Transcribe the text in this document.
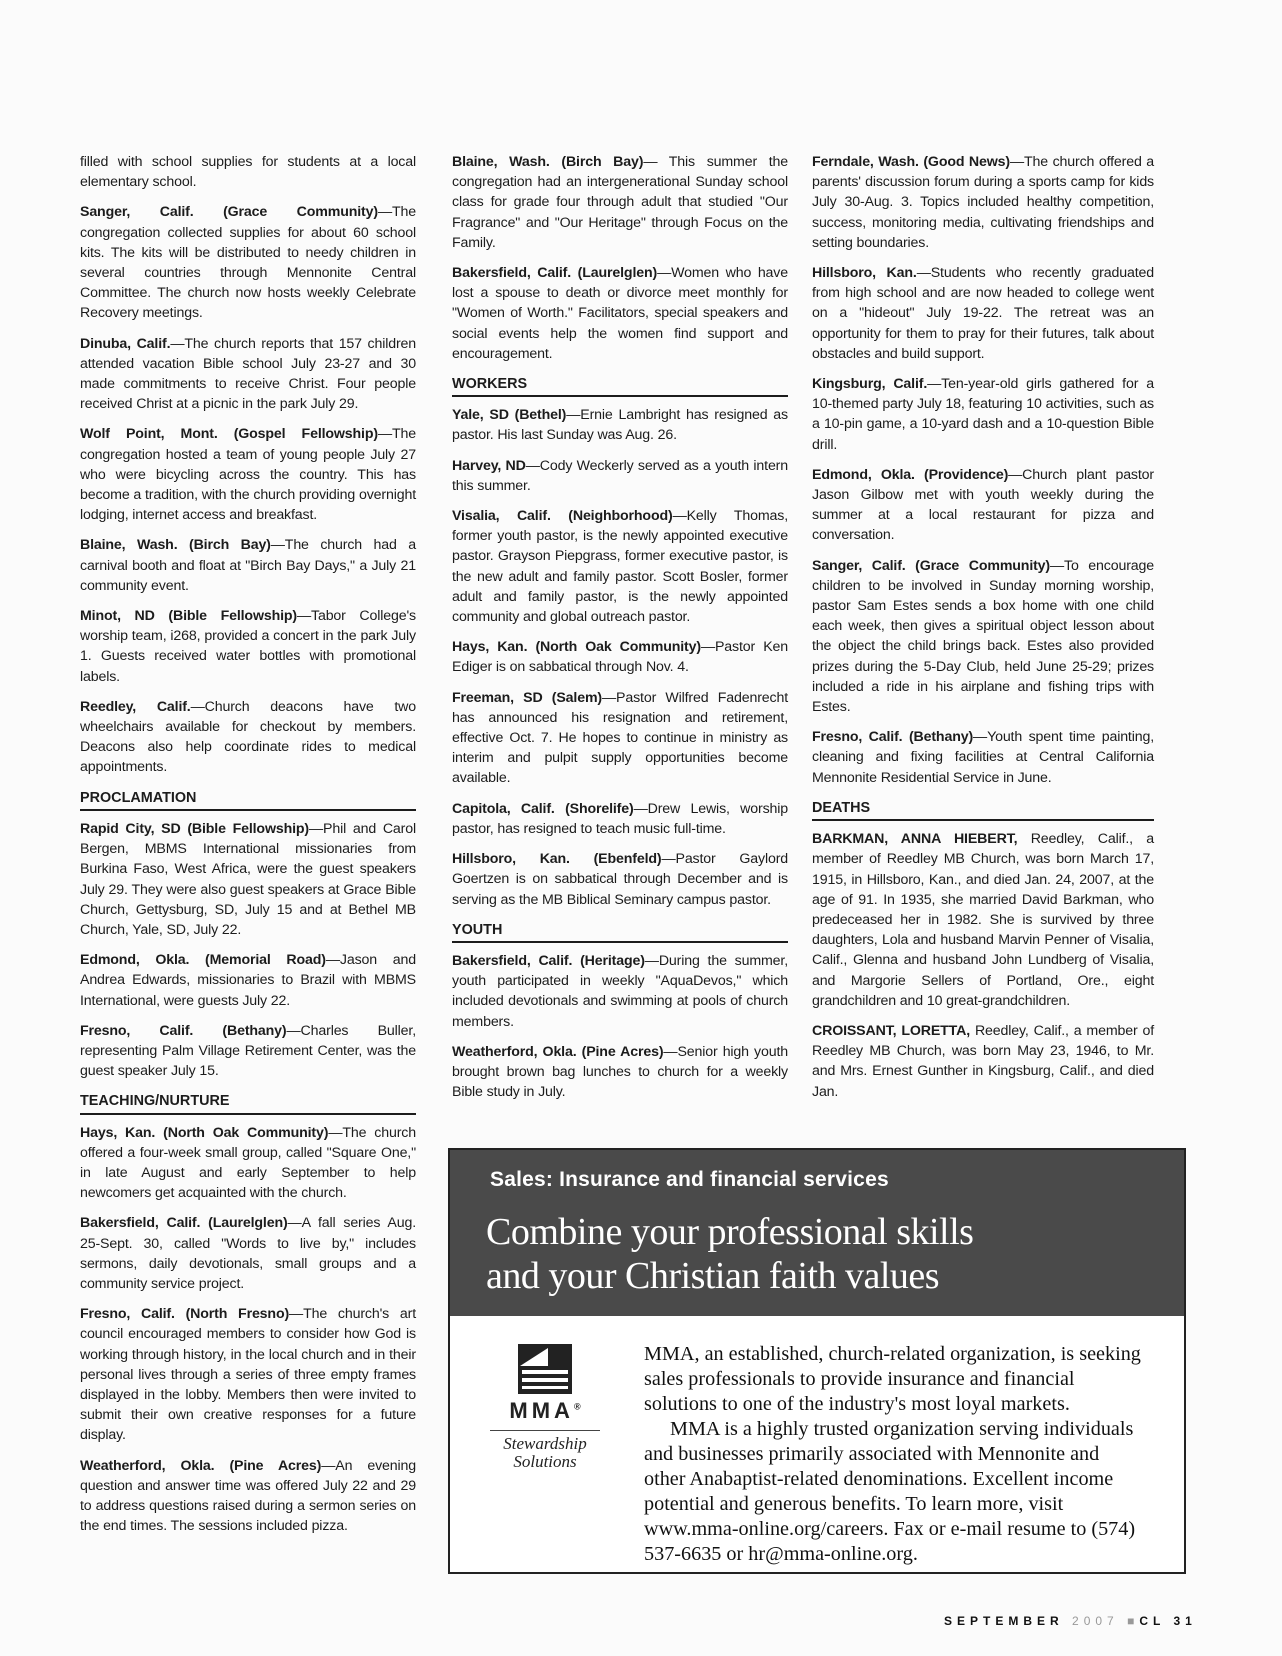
filled with school supplies for students at a local elementary school.

Sanger, Calif. (Grace Community)—The congregation collected supplies for about 60 school kits. The kits will be distributed to needy children in several countries through Mennonite Central Committee. The church now hosts weekly Celebrate Recovery meetings.

Dinuba, Calif.—The church reports that 157 children attended vacation Bible school July 23-27 and 30 made commitments to receive Christ. Four people received Christ at a picnic in the park July 29.

Wolf Point, Mont. (Gospel Fellowship)—The congregation hosted a team of young people July 27 who were bicycling across the country. This has become a tradition, with the church providing overnight lodging, internet access and breakfast.

Blaine, Wash. (Birch Bay)—The church had a carnival booth and float at "Birch Bay Days," a July 21 community event.

Minot, ND (Bible Fellowship)—Tabor College's worship team, i268, provided a concert in the park July 1. Guests received water bottles with promotional labels.

Reedley, Calif.—Church deacons have two wheelchairs available for checkout by members. Deacons also help coordinate rides to medical appointments.

PROCLAMATION

Rapid City, SD (Bible Fellowship)—Phil and Carol Bergen, MBMS International missionaries from Burkina Faso, West Africa, were the guest speakers July 29. They were also guest speakers at Grace Bible Church, Gettysburg, SD, July 15 and at Bethel MB Church, Yale, SD, July 22.

Edmond, Okla. (Memorial Road)—Jason and Andrea Edwards, missionaries to Brazil with MBMS International, were guests July 22.

Fresno, Calif. (Bethany)—Charles Buller, representing Palm Village Retirement Center, was the guest speaker July 15.

TEACHING/NURTURE

Hays, Kan. (North Oak Community)—The church offered a four-week small group, called "Square One," in late August and early September to help newcomers get acquainted with the church.

Bakersfield, Calif. (Laurelglen)—A fall series Aug. 25-Sept. 30, called "Words to live by," includes sermons, daily devotionals, small groups and a community service project.

Fresno, Calif. (North Fresno)—The church's art council encouraged members to consider how God is working through history, in the local church and in their personal lives through a series of three empty frames displayed in the lobby. Members then were invited to submit their own creative responses for a future display.

Weatherford, Okla. (Pine Acres)—An evening question and answer time was offered July 22 and 29 to address questions raised during a sermon series on the end times. The sessions included pizza.

Blaine, Wash. (Birch Bay)— This summer the congregation had an intergenerational Sunday school class for grade four through adult that studied "Our Fragrance" and "Our Heritage" through Focus on the Family.

Bakersfield, Calif. (Laurelglen)—Women who have lost a spouse to death or divorce meet monthly for "Women of Worth." Facilitators, special speakers and social events help the women find support and encouragement.

WORKERS

Yale, SD (Bethel)—Ernie Lambright has resigned as pastor. His last Sunday was Aug. 26.

Harvey, ND—Cody Weckerly served as a youth intern this summer.

Visalia, Calif. (Neighborhood)—Kelly Thomas, former youth pastor, is the newly appointed executive pastor. Grayson Piepgrass, former executive pastor, is the new adult and family pastor. Scott Bosler, former adult and family pastor, is the newly appointed community and global outreach pastor.

Hays, Kan. (North Oak Community)—Pastor Ken Ediger is on sabbatical through Nov. 4.

Freeman, SD (Salem)—Pastor Wilfred Fadenrecht has announced his resignation and retirement, effective Oct. 7. He hopes to continue in ministry as interim and pulpit supply opportunities become available.

Capitola, Calif. (Shorelife)—Drew Lewis, worship pastor, has resigned to teach music full-time.

Hillsboro, Kan. (Ebenfeld)—Pastor Gaylord Goertzen is on sabbatical through December and is serving as the MB Biblical Seminary campus pastor.

YOUTH

Bakersfield, Calif. (Heritage)—During the summer, youth participated in weekly "AquaDevos," which included devotionals and swimming at pools of church members.

Weatherford, Okla. (Pine Acres)—Senior high youth brought brown bag lunches to church for a weekly Bible study in July.

Ferndale, Wash. (Good News)—The church offered a parents' discussion forum during a sports camp for kids July 30-Aug. 3. Topics included healthy competition, success, monitoring media, cultivating friendships and setting boundaries.

Hillsboro, Kan.—Students who recently graduated from high school and are now headed to college went on a "hideout" July 19-22. The retreat was an opportunity for them to pray for their futures, talk about obstacles and build support.

Kingsburg, Calif.—Ten-year-old girls gathered for a 10-themed party July 18, featuring 10 activities, such as a 10-pin game, a 10-yard dash and a 10-question Bible drill.

Edmond, Okla. (Providence)—Church plant pastor Jason Gilbow met with youth weekly during the summer at a local restaurant for pizza and conversation.

Sanger, Calif. (Grace Community)—To encourage children to be involved in Sunday morning worship, pastor Sam Estes sends a box home with one child each week, then gives a spiritual object lesson about the object the child brings back. Estes also provided prizes during the 5-Day Club, held June 25-29; prizes included a ride in his airplane and fishing trips with Estes.

Fresno, Calif. (Bethany)—Youth spent time painting, cleaning and fixing facilities at Central California Mennonite Residential Service in June.

DEATHS

BARKMAN, ANNA HIEBERT, Reedley, Calif., a member of Reedley MB Church, was born March 17, 1915, in Hillsboro, Kan., and died Jan. 24, 2007, at the age of 91. In 1935, she married David Barkman, who predeceased her in 1982. She is survived by three daughters, Lola and husband Marvin Penner of Visalia, Calif., Glenna and husband John Lundberg of Visalia, and Margorie Sellers of Portland, Ore., eight grandchildren and 10 great-grandchildren.

CROISSANT, LORETTA, Reedley, Calif., a member of Reedley MB Church, was born May 23, 1946, to Mr. and Mrs. Ernest Gunther in Kingsburg, Calif., and died Jan.

Sales: Insurance and financial services
Combine your professional skills
and your Christian faith values
MMA®
Stewardship
Solutions

MMA, an established, church-related organization, is seeking sales professionals to provide insurance and financial solutions to one of the industry's most loyal markets.

MMA is a highly trusted organization serving individuals and businesses primarily associated with Mennonite and other Anabaptist-related denominations. Excellent income potential and generous benefits. To learn more, visit www.mma-online.org/careers. Fax or e-mail resume to (574) 537-6635 or hr@mma-online.org.

SEPTEMBER 2007 ■CL 31
